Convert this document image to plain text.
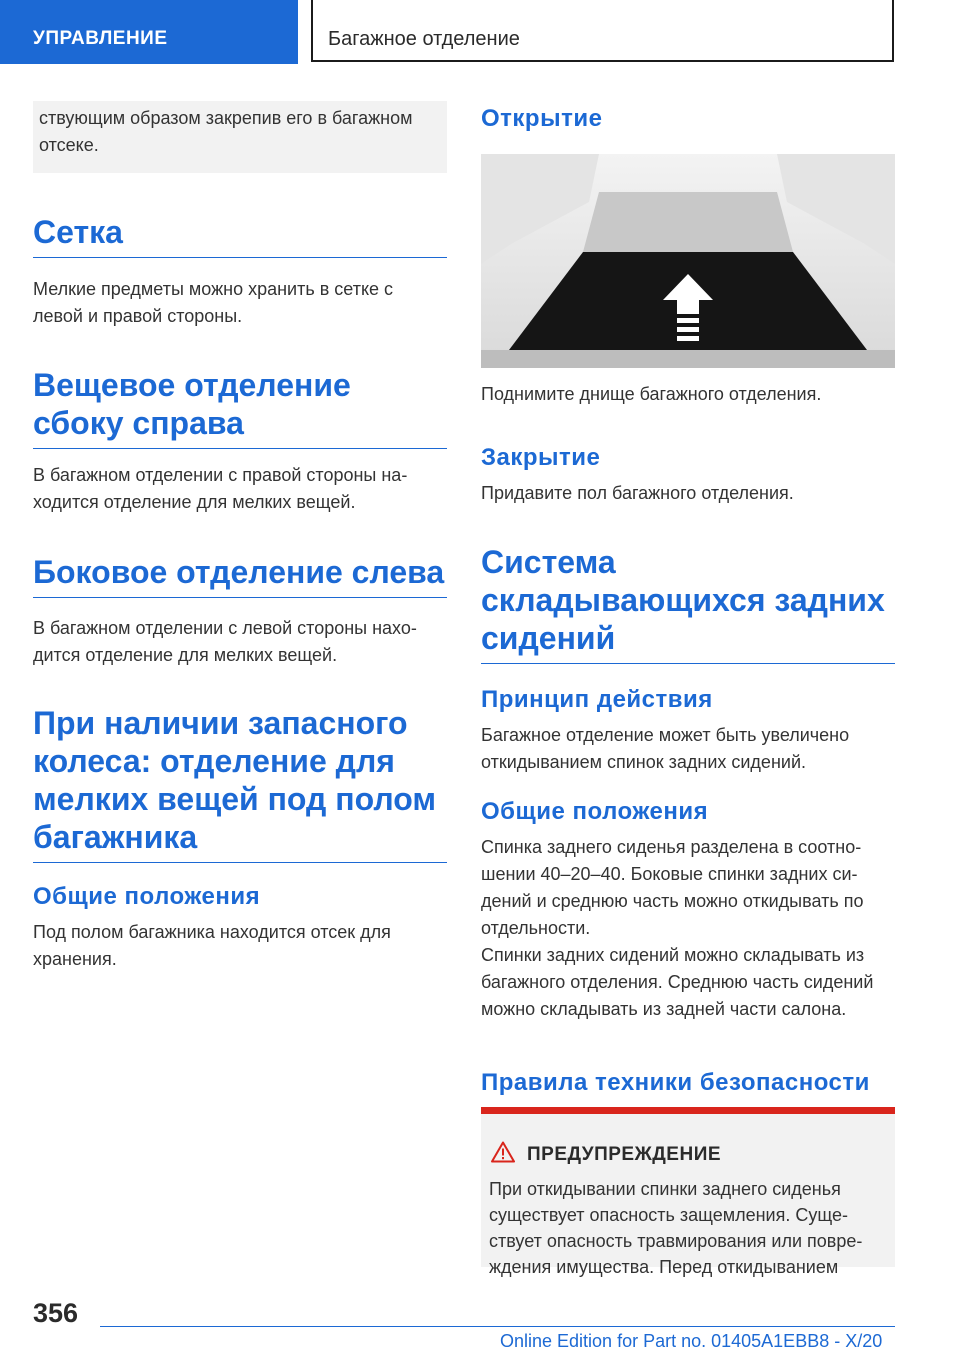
УПРАВЛЕНИЕ	Багажное отделение
ствующим образом закрепив его в багажном отсеке.
Сетка

Мелкие предметы можно хранить в сетке с левой и правой стороны.

Вещевое отделение сбоку справа

В багажном отделении с правой стороны находится отделение для мелких вещей.

Боковое отделение слева

В багажном отделении с левой стороны находится отделение для мелких вещей.

При наличии запасного колеса: отделение для мелких вещей под полом багажника
Общие положения

Под полом багажника находится отсек для хранения.

Открытие

Поднимите днище багажного отделения.

Закрытие

Придавите пол багажного отделения.

Система складывающихся задних сидений
Принцип действия

Багажное отделение может быть увеличено откидыванием спинок задних сидений.

Общие положения

Спинка заднего сиденья разделена в соотношении 40–20–40. Боковые спинки задних сидений и среднюю часть можно откидывать по отдельности.

Спинки задних сидений можно складывать из багажного отделения. Среднюю часть сидений можно складывать из задней части салона.

Правила техники безопасности
ПРЕДУПРЕЖДЕНИЕ
При откидывании спинки заднего сиденья существует опасность защемления. Существует опасность травмирования или повреждения имущества. Перед откидыванием
356
Online Edition for Part no. 01405A1EBB8 - X/20
